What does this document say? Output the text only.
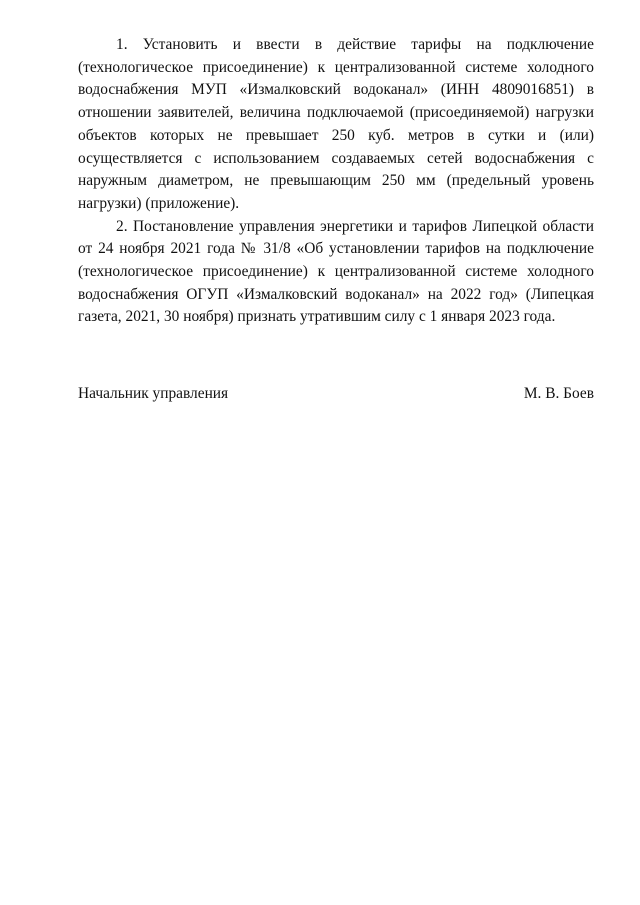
1. Установить и ввести в действие тарифы на подключение (технологическое присоединение) к централизованной системе холодного водоснабжения МУП «Измалковский водоканал» (ИНН 4809016851) в отношении заявителей, величина подключаемой (присоединяемой) нагрузки объектов которых не превышает 250 куб. метров в сутки и (или) осуществляется с использованием создаваемых сетей водоснабжения с наружным диаметром, не превышающим 250 мм (предельный уровень нагрузки) (приложение).

2. Постановление управления энергетики и тарифов Липецкой области от 24 ноября 2021 года № 31/8 «Об установлении тарифов на подключение (технологическое присоединение) к централизованной системе холодного водоснабжения ОГУП «Измалковский водоканал» на 2022 год» (Липецкая газета, 2021, 30 ноября) признать утратившим силу с 1 января 2023 года.

Начальник управления	М. В. Боев
